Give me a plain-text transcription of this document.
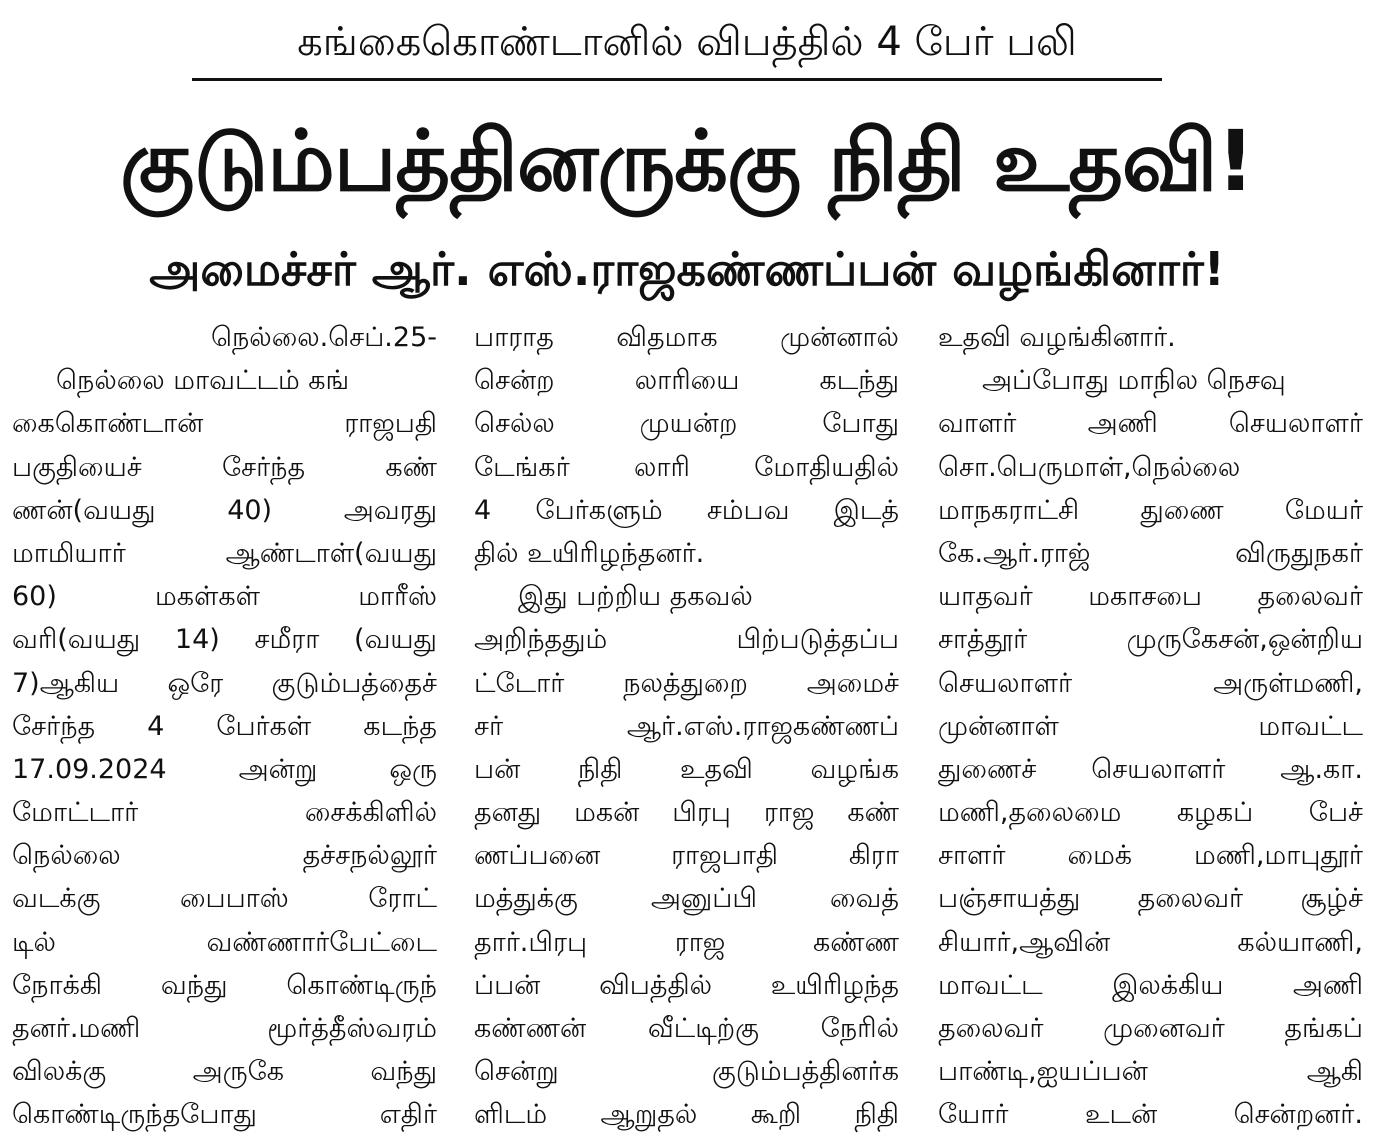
கங்கைகொண்டானில் விபத்தில் 4 பேர் பலி
குடும்பத்தினருக்கு நிதி உதவி!
அமைச்சர் ஆர். எஸ்.ராஜகண்ணப்பன் வழங்கினார்!
நெல்லை.செப்.25-
நெல்லை மாவட்டம் கங்
கைகொண்டான்	ராஜபதி
பகுதியைச்	சேர்ந்த	கண்
ணன்(வயது	40)	அவரது
மாமியார்	ஆண்டாள்(வயது
60)	மகள்கள்	மாரீஸ்
வரி(வயது 14) சமீரா (வயது
7)ஆகிய ஒரே குடும்பத்தைச்
சேர்ந்த 4 பேர்கள் கடந்த
17.09.2024	அன்று	ஒரு
மோட்டார்	சைக்கிளில்
நெல்லை	தச்சநல்லூர்
வடக்கு	பைபாஸ்	ரோட்
டில்	வண்ணார்பேட்டை
நோக்கி வந்து கொண்டிருந்
தனர்.மணி	மூர்த்தீஸ்வரம்
விலக்கு	அருகே	வந்து
கொண்டிருந்தபோது	எதிர்
பாராத விதமாக முன்னால்
சென்ற	லாரியை	கடந்து
செல்ல	முயன்ற	போது
டேங்கர் லாரி மோதியதில்
4 பேர்களும் சம்பவ இடத்
தில் உயிரிழந்தனர்.
இது பற்றிய தகவல்
அறிந்ததும்	பிற்படுத்தப்ப
ட்டோர் நலத்துறை அமைச்
சர்	ஆர்.எஸ்.ராஜகண்ணப்
பன் நிதி உதவி வழங்க
தனது மகன் பிரபு ராஜ கண்
ணப்பனை	ராஜபாதி	கிரா
மத்துக்கு	அனுப்பி	வைத்
தார்.பிரபு	ராஜ	கண்ண
ப்பன் விபத்தில் உயிரிழந்த
கண்ணன் வீட்டிற்கு நேரில்
சென்று	குடும்பத்தினர்க
ளிடம் ஆறுதல் கூறி நிதி
உதவி வழங்கினார்.
அப்போது மாநில நெசவு
வாளர்	அணி	செயலாளர்
சொ.பெருமாள்,நெல்லை
மாநகராட்சி துணை மேயர்
கே.ஆர்.ராஜ்	விருதுநகர்
யாதவர் மகாசபை தலைவர்
சாத்தூர்	முருகேசன்,ஒன்றிய
செயலாளர்	அருள்மணி,
முன்னாள்	மாவட்ட
துணைச் செயலாளர் ஆ.கா.
மணி,தலைமை கழகப் பேச்
சாளர் மைக் மணி,மாபுதூர்
பஞ்சாயத்து தலைவர் சூழ்ச்
சியார்,ஆவின்	கல்யாணி,
மாவட்ட	இலக்கிய	அணி
தலைவர் முனைவர் தங்கப்
பாண்டி,ஐயப்பன்	ஆகி
யோர்	உடன்	சென்றனர்.
